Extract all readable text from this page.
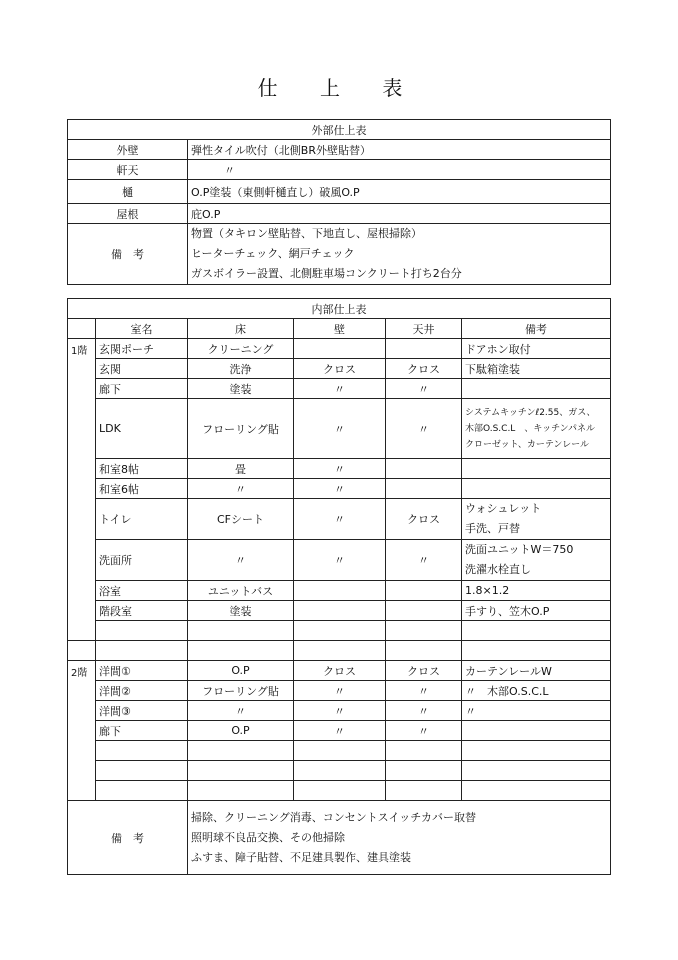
仕 上 表
外部仕上表	
外壁	弾性タイル吹付（北側BR外壁貼替）
軒天	〃
樋	O.P塗装（東側軒樋直し）破風O.P
屋根	庇O.P
備　考	物置（タキロン壁貼替、下地直し、屋根掃除）
ヒーターチェック、網戸チェック
ガスボイラー設置、北側駐車場コンクリート打ち2台分
内部仕上表					
	室名	床	壁	天井	備考
1階	玄関ポーチ	クリーニング			ドアホン取付
	玄関	洗浄	クロス	クロス	下駄箱塗装
	廊下	塗装	〃	〃	
	LDK	フローリング貼	〃	〃	システムキッチンℓ2.55、ガス、
木部O.S.C.L　、キッチンパネル
クローゼット、カーテンレール

	和室8帖	畳	〃		
	和室6帖	〃	〃		
	トイレ	CFシート	〃	クロス	ウォシュレット
手洗、戸替

	洗面所	〃	〃	〃	洗面ユニットW＝750
洗濯水栓直し

	浴室	ユニットバス			1.8×1.2
	階段室	塗装			手すり、笠木O.P

2階	洋間①	O.P	クロス	クロス	カーテンレールW
	洋間②	フローリング貼	〃	〃	〃　木部O.S.C.L
	洋間③	〃	〃	〃	〃
	廊下	O.P	〃	〃	

備　考		掃除、クリーニング消毒、コンセントスイッチカバー取替
照明球不良品交換、その他掃除
ふすま、障子貼替、不足建具製作、建具塗装			
